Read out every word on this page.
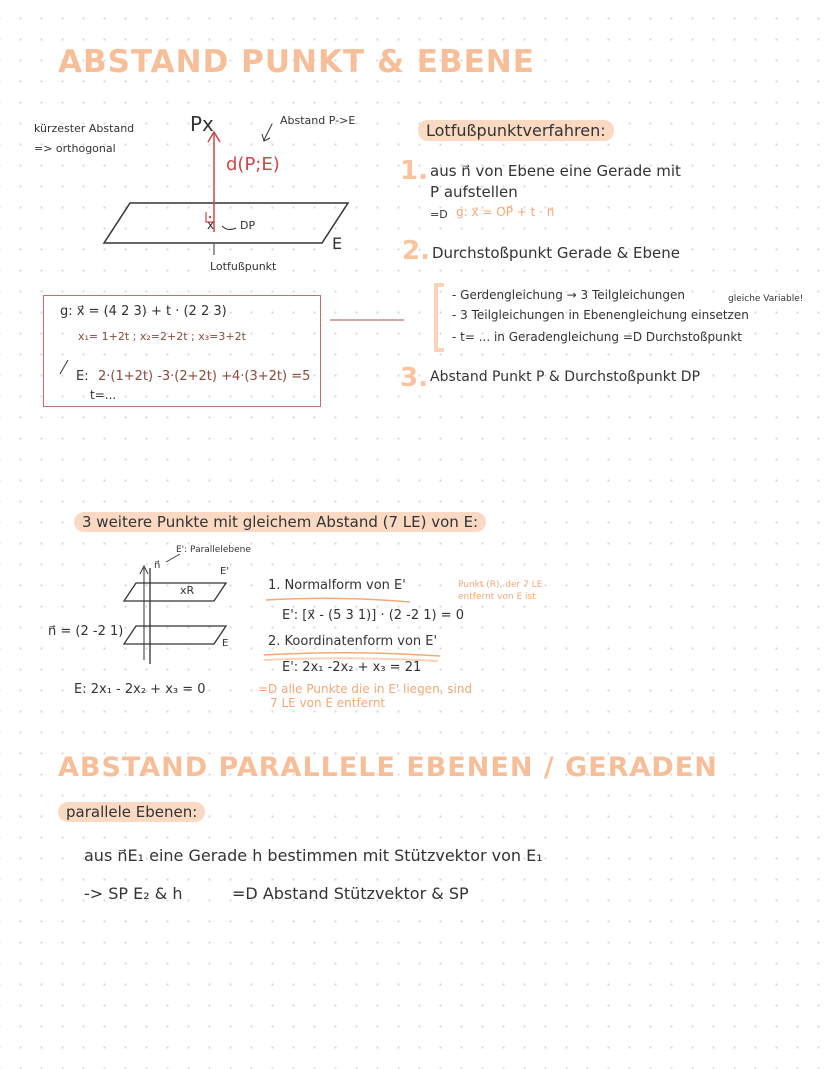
ABSTAND PUNKT & EBENE
kürzester Abstand
=> orthogonal
Px	Abstand P->E
d(P;E)
DP
E
Lotfußpunkt
x
g: x⃗ = (4 2 3) + t · (2 2 3)
x₁= 1+2t ; x₂=2+2t ; x₃=3+2t
E: 2·(1+2t) -3·(2+2t) +4·(3+2t) =5
t=...
Lotfußpunktverfahren:
1. aus n⃗ von Ebene eine Gerade mit
P aufstellen
=D g: x⃗ = OP⃗ + t · n⃗
2. Durchstoßpunkt Gerade & Ebene
- Gerdengleichung → 3 Teilgleichungen	gleiche Variable!
- 3 Teilgleichungen in Ebenengleichung einsetzen
- t= ... in Geradengleichung =D Durchstoßpunkt
3. Abstand Punkt P & Durchstoßpunkt DP
3 weitere Punkte mit gleichem Abstand (7 LE) von E:
E': Parallelebene
n⃗
E'
xR
E
n⃗ = (2 -2 1)
E: 2x₁ - 2x₂ + x₃ = 0
1. Normalform von E'
E': [x⃗ - (5 3 1)] · (2 -2 1) = 0
2. Koordinatenform von E'
E': 2x₁ -2x₂ + x₃ = 21
=D alle Punkte die in E' liegen, sind
7 LE von E entfernt
Punkt (R), der 7 LE
entfernt von E ist
ABSTAND PARALLELE EBENEN / GERADEN
parallele Ebenen:
aus n⃗E₁ eine Gerade h bestimmen mit Stützvektor von E₁
-> SP E₂ & h	=D Abstand Stützvektor & SP
